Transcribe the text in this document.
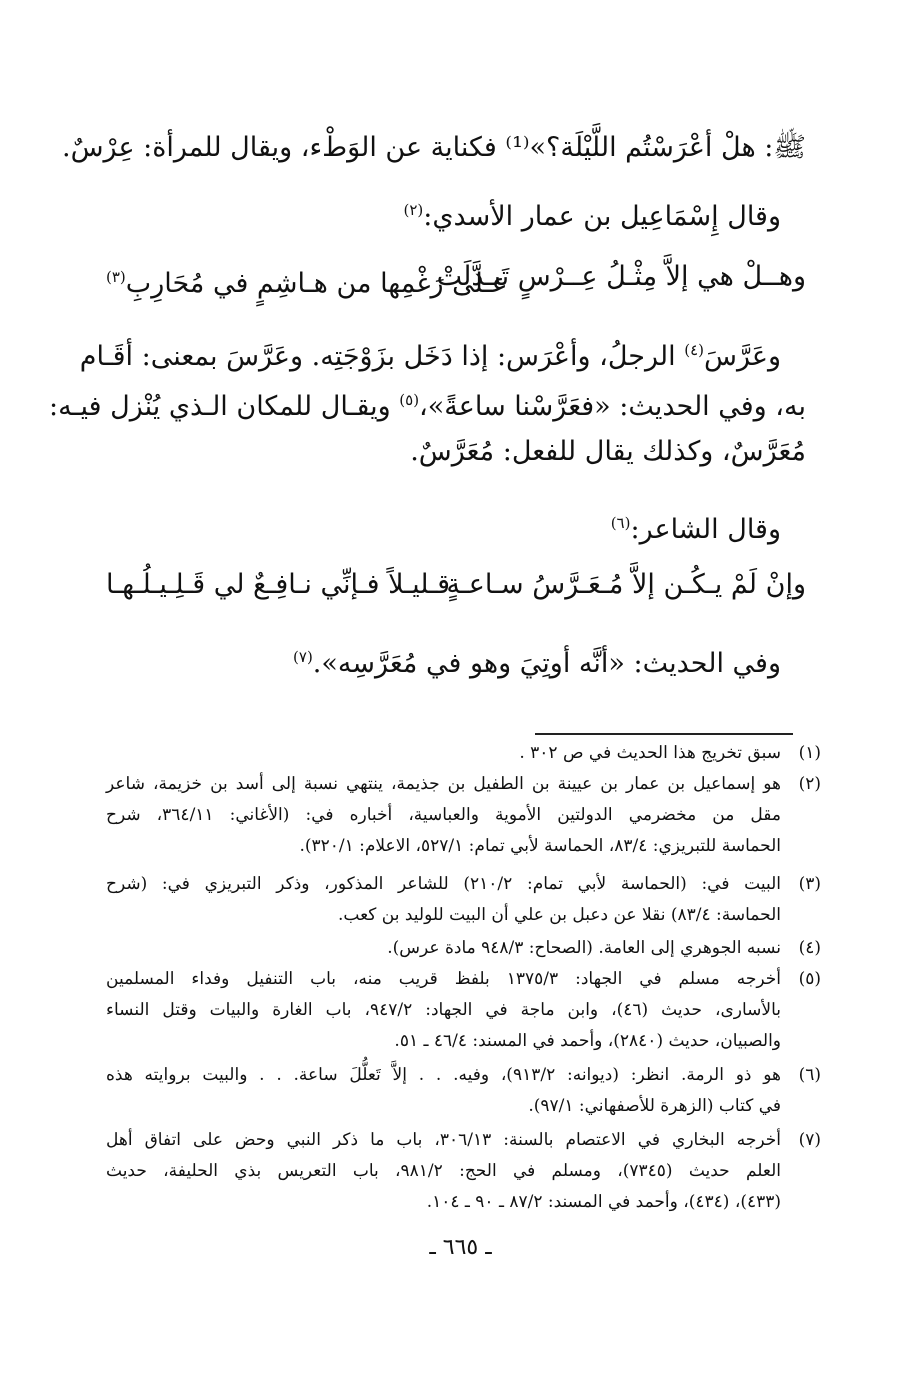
ﷺ: هلْ أعْرَسْتُم اللَّيْلَة؟»⁽¹⁾ فكناية عن الوَطْء، ويقال للمرأة: عِرْسٌ.
وقال إِسْمَاعِيل بن عمار الأسدي:$^{(٢)}$
وهــلْ هي إلاَّ مِثْـلُ عِــرْسٍ تَبـدَّلَتْ
عـلى رَغْمِها من هـاشِمٍ في مُحَارِبِ$^{(٣)}$
وعَرَّسَ$^{(٤)}$ الرجلُ، وأعْرَس: إذا دَخَل بزَوْجَتِه. وعَرَّسَ بمعنى: أقَـام
به، وفي الحديث: «فعَرَّسْنا ساعةً»،$^{(٥)}$ ويقـال للمكان الـذي يُنْزل فيـه:
مُعَرَّسٌ، وكذلك يقال للفعل: مُعَرَّسٌ.
وقال الشاعر:$^{(٦)}$
وإنْ لَمْ يـكُـن إلاَّ مُـعَـرَّسُ سـاعـةٍ
قـليـلاً فـإنِّي نـافِـعٌ لي قَـلِـيـلُـهـا
وفي الحديث: «أنَّه أوتِيَ وهو في مُعَرَّسِه».$^{(٧)}$
(١)
سبق تخريج هذا الحديث في ص ٣٠٢ .
(٢)
هو إسماعيل بن عمار بن عيينة بن الطفيل بن جذيمة، ينتهي نسبة إلى أسد بن خزيمة، شاعر
مقل من مخضرمي الدولتين الأموية والعباسية، أخباره في: (الأغاني: ٣٦٤/١١، شرح
الحماسة للتبريزي: ٨٣/٤، الحماسة لأبي تمام: ٥٢٧/١، الاعلام: ٣٢٠/١).
(٣)
البيت في: (الحماسة لأبي تمام: ٢١٠/٢) للشاعر المذكور، وذكر التبريزي في: (شرح
الحماسة: ٨٣/٤) نقلا عن دعبل بن علي أن البيت للوليد بن كعب.
(٤)
نسبه الجوهري إلى العامة. (الصحاح: ٩٤٨/٣ مادة عرس).
(٥)
أخرجه مسلم في الجهاد: ١٣٧٥/٣ بلفظ قريب منه، باب التنفيل وفداء المسلمين
بالأسارى، حديث (٤٦)، وابن ماجة في الجهاد: ٩٤٧/٢، باب الغارة والبيات وقتل النساء
والصبيان، حديث (٢٨٤٠)، وأحمد في المسند: ٤٦/٤ ـ ٥١.
(٦)
هو ذو الرمة. انظر: (ديوانه: ٩١٣/٢)، وفيه. . . إلاَّ تَعلُّلَ ساعة. . . والبيت بروايته هذه
في كتاب (الزهرة للأصفهاني: ٩٧/١).
(٧)
أخرجه البخاري في الاعتصام بالسنة: ٣٠٦/١٣، باب ما ذكر النبي وحض على اتفاق أهل
العلم حديث (٧٣٤٥)، ومسلم في الحج: ٩٨١/٢، باب التعريس بذي الحليفة، حديث
(٤٣٣)، (٤٣٤)، وأحمد في المسند: ٨٧/٢ ـ ٩٠ ـ ١٠٤.
ـ ٦٦٥ ـ
